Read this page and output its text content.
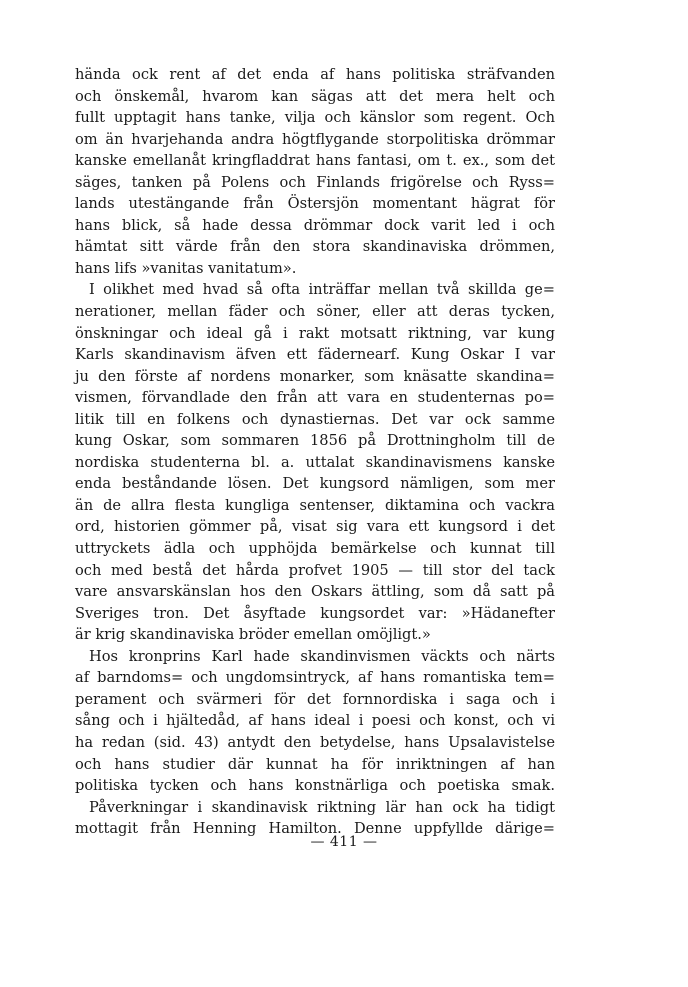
hända ock rent af det enda af hans politiska sträfvanden
och önskemål, hvarom kan sägas att det mera helt och
fullt upptagit hans tanke, vilja och känslor som regent. Och
om än hvarjehanda andra högtflygande storpolitiska drömmar
kanske emellanåt kringfladdrat hans fantasi, om t. ex., som det
säges, tanken på Polens och Finlands frigörelse och Ryss=
lands utestängande från Östersjön momentant hägrat för
hans blick, så hade dessa drömmar dock varit led i och
hämtat sitt värde från den stora skandinaviska drömmen,
hans lifs »vanitas vanitatum».
I olikhet med hvad så ofta inträffar mellan två skillda ge=
nerationer, mellan fäder och söner, eller att deras tycken,
önskningar och ideal gå i rakt motsatt riktning, var kung
Karls skandinavism äfven ett fädernearf. Kung Oskar I var
ju den förste af nordens monarker, som knäsatte skandina=
vismen, förvandlade den från att vara en studenternas po=
litik till en folkens och dynastiernas. Det var ock samme
kung Oskar, som sommaren 1856 på Drottningholm till de
nordiska studenterna bl. a. uttalat skandinavismens kanske
enda beståndande lösen. Det kungsord nämligen, som mer
än de allra flesta kungliga sentenser, diktamina och vackra
ord, historien gömmer på, visat sig vara ett kungsord i det
uttryckets ädla och upphöjda bemärkelse och kunnat till
och med bestå det hårda profvet 1905 — till stor del tack
vare ansvarskänslan hos den Oskars ättling, som då satt på
Sveriges tron. Det åsyftade kungsordet var: »Hädanefter
är krig skandinaviska bröder emellan omöjligt.»
Hos kronprins Karl hade skandinvismen väckts och närts
af barndoms= och ungdomsintryck, af hans romantiska tem=
perament och svärmeri för det fornnordiska i saga och i
sång och i hjältedåd, af hans ideal i poesi och konst, och vi
ha redan (sid. 43) antydt den betydelse, hans Upsalavistelse
och hans studier där kunnat ha för inriktningen af han
politiska tycken och hans konstnärliga och poetiska smak.
Påverkningar i skandinavisk riktning lär han ock ha tidigt
mottagit från Henning Hamilton. Denne uppfyllde därige=
— 411 —
